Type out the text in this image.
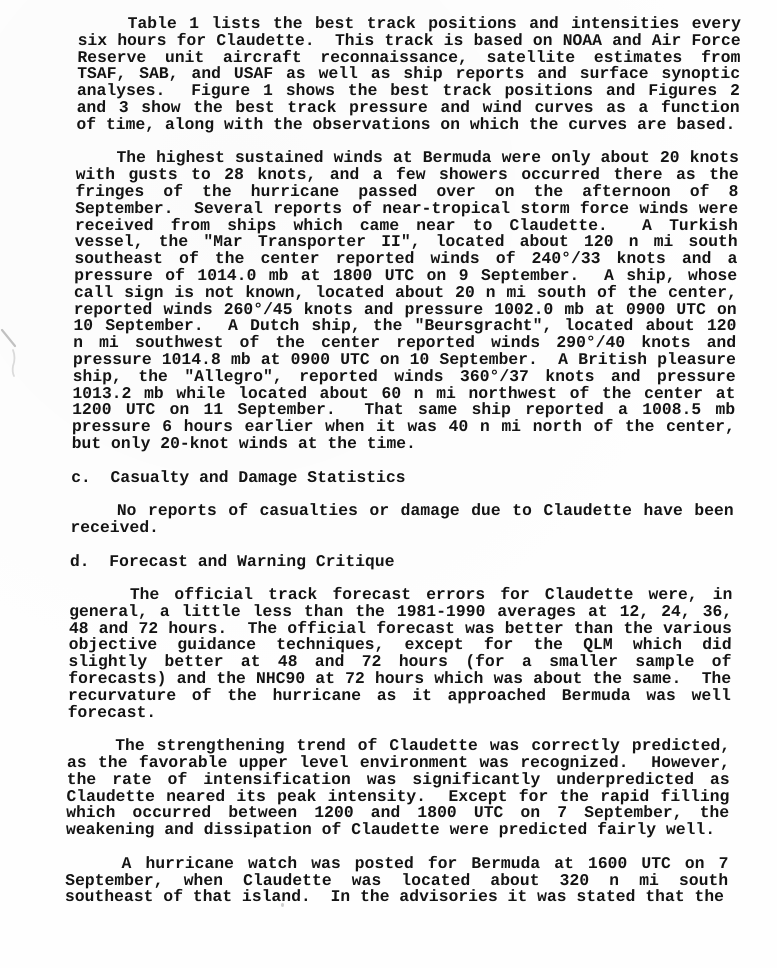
Table 1 lists the best track positions and intensities every
six hours for Claudette.  This track is based on NOAA and Air Force
Reserve unit aircraft reconnaissance, satellite estimates from
TSAF, SAB, and USAF as well as ship reports and surface synoptic
analyses.  Figure 1 shows the best track positions and Figures 2
and 3 show the best track pressure and wind curves as a function
of time, along with the observations on which the curves are based.
The highest sustained winds at Bermuda were only about 20 knots
with gusts to 28 knots, and a few showers occurred there as the
fringes of the hurricane passed over on the afternoon of 8
September.  Several reports of near-tropical storm force winds were
received from ships which came near to Claudette.  A Turkish
vessel, the "Mar Transporter II", located about 120 n mi south
southeast of the center reported winds of 240°/33 knots and a
pressure of 1014.0 mb at 1800 UTC on 9 September.  A ship, whose
call sign is not known, located about 20 n mi south of the center,
reported winds 260°/45 knots and pressure 1002.0 mb at 0900 UTC on
10 September.  A Dutch ship, the "Beursgracht", located about 120
n mi southwest of the center reported winds 290°/40 knots and
pressure 1014.8 mb at 0900 UTC on 10 September.  A British pleasure
ship, the "Allegro", reported winds 360°/37 knots and pressure
1013.2 mb while located about 60 n mi northwest of the center at
1200 UTC on 11 September.  That same ship reported a 1008.5 mb
pressure 6 hours earlier when it was 40 n mi north of the center,
but only 20-knot winds at the time.
c.  Casualty and Damage Statistics
No reports of casualties or damage due to Claudette have been
received.
d.  Forecast and Warning Critique
The official track forecast errors for Claudette were, in
general, a little less than the 1981-1990 averages at 12, 24, 36,
48 and 72 hours.  The official forecast was better than the various
objective guidance techniques, except for the QLM which did
slightly better at 48 and 72 hours (for a smaller sample of
forecasts) and the NHC90 at 72 hours which was about the same.  The
recurvature of the hurricane as it approached Bermuda was well
forecast.
The strengthening trend of Claudette was correctly predicted,
as the favorable upper level environment was recognized.  However,
the rate of intensification was significantly underpredicted as
Claudette neared its peak intensity.  Except for the rapid filling
which occurred between 1200 and 1800 UTC on 7 September, the
weakening and dissipation of Claudette were predicted fairly well.
A hurricane watch was posted for Bermuda at 1600 UTC on 7
September, when Claudette was located about 320 n mi south
southeast of that island.  In the advisories it was stated that the
